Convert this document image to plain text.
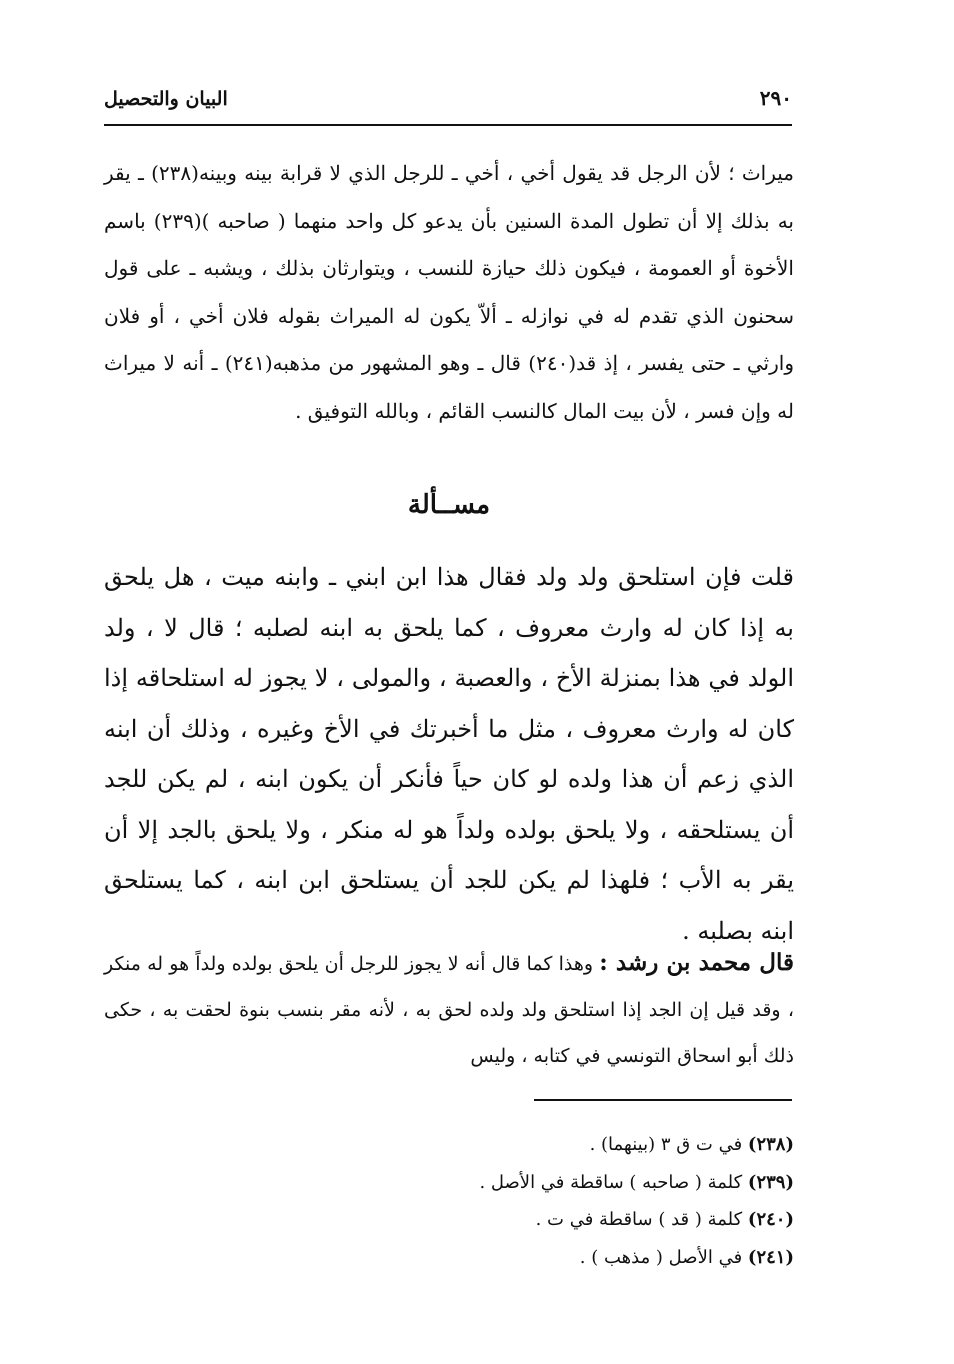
٢٩٠
البيان والتحصيل

ميراث ؛ لأن الرجل قد يقول أخي ، أخي ـ للرجل الذي لا قرابة بينه وبينه(٢٣٨) ـ يقر به بذلك إلا أن تطول المدة السنين بأن يدعو كل واحد منهما ( صاحبه )(٢٣٩) باسم الأخوة أو العمومة ، فيكون ذلك حيازة للنسب ، ويتوارثان بذلك ، ويشبه ـ على قول سحنون الذي تقدم له في نوازله ـ ألاّ يكون له الميراث بقوله فلان أخي ، أو فلان وارثي ـ حتى يفسر ، إذ قد(٢٤٠) قال ـ وهو المشهور من مذهبه(٢٤١) ـ أنه لا ميراث له وإن فسر ، لأن بيت المال كالنسب القائم ، وبالله التوفيق .

مســألة

قلت فإن استلحق ولد ولد فقال هذا ابن ابني ـ وابنه ميت ، هل يلحق به إذا كان له وارث معروف ، كما يلحق به ابنه لصلبه ؛ قال لا ، ولد الولد في هذا بمنزلة الأخ ، والعصبة ، والمولى ، لا يجوز له استلحاقه إذا كان له وارث معروف ، مثل ما أخبرتك في الأخ وغيره ، وذلك أن ابنه الذي زعم أن هذا ولده لو كان حياً فأنكر أن يكون ابنه ، لم يكن للجد أن يستلحقه ، ولا يلحق بولده ولداً هو له منكر ، ولا يلحق بالجد إلا أن يقر به الأب ؛ فلهذا لم يكن للجد أن يستلحق ابن ابنه ، كما يستلحق ابنه بصلبه .

قال محمد بن رشد : وهذا كما قال أنه لا يجوز للرجل أن يلحق بولده ولداً هو له منكر ، وقد قيل إن الجد إذا استلحق ولد ولده لحق به ، لأنه مقر بنسب بنوة لحقت به ، حكى ذلك أبو اسحاق التونسي في كتابه ، وليس

(٢٣٨) في ت ق ٣ (بينهما) .
(٢٣٩) كلمة ( صاحبه ) ساقطة في الأصل .
(٢٤٠) كلمة ( قد ) ساقطة في ت .
(٢٤١) في الأصل ( مذهب ) .
